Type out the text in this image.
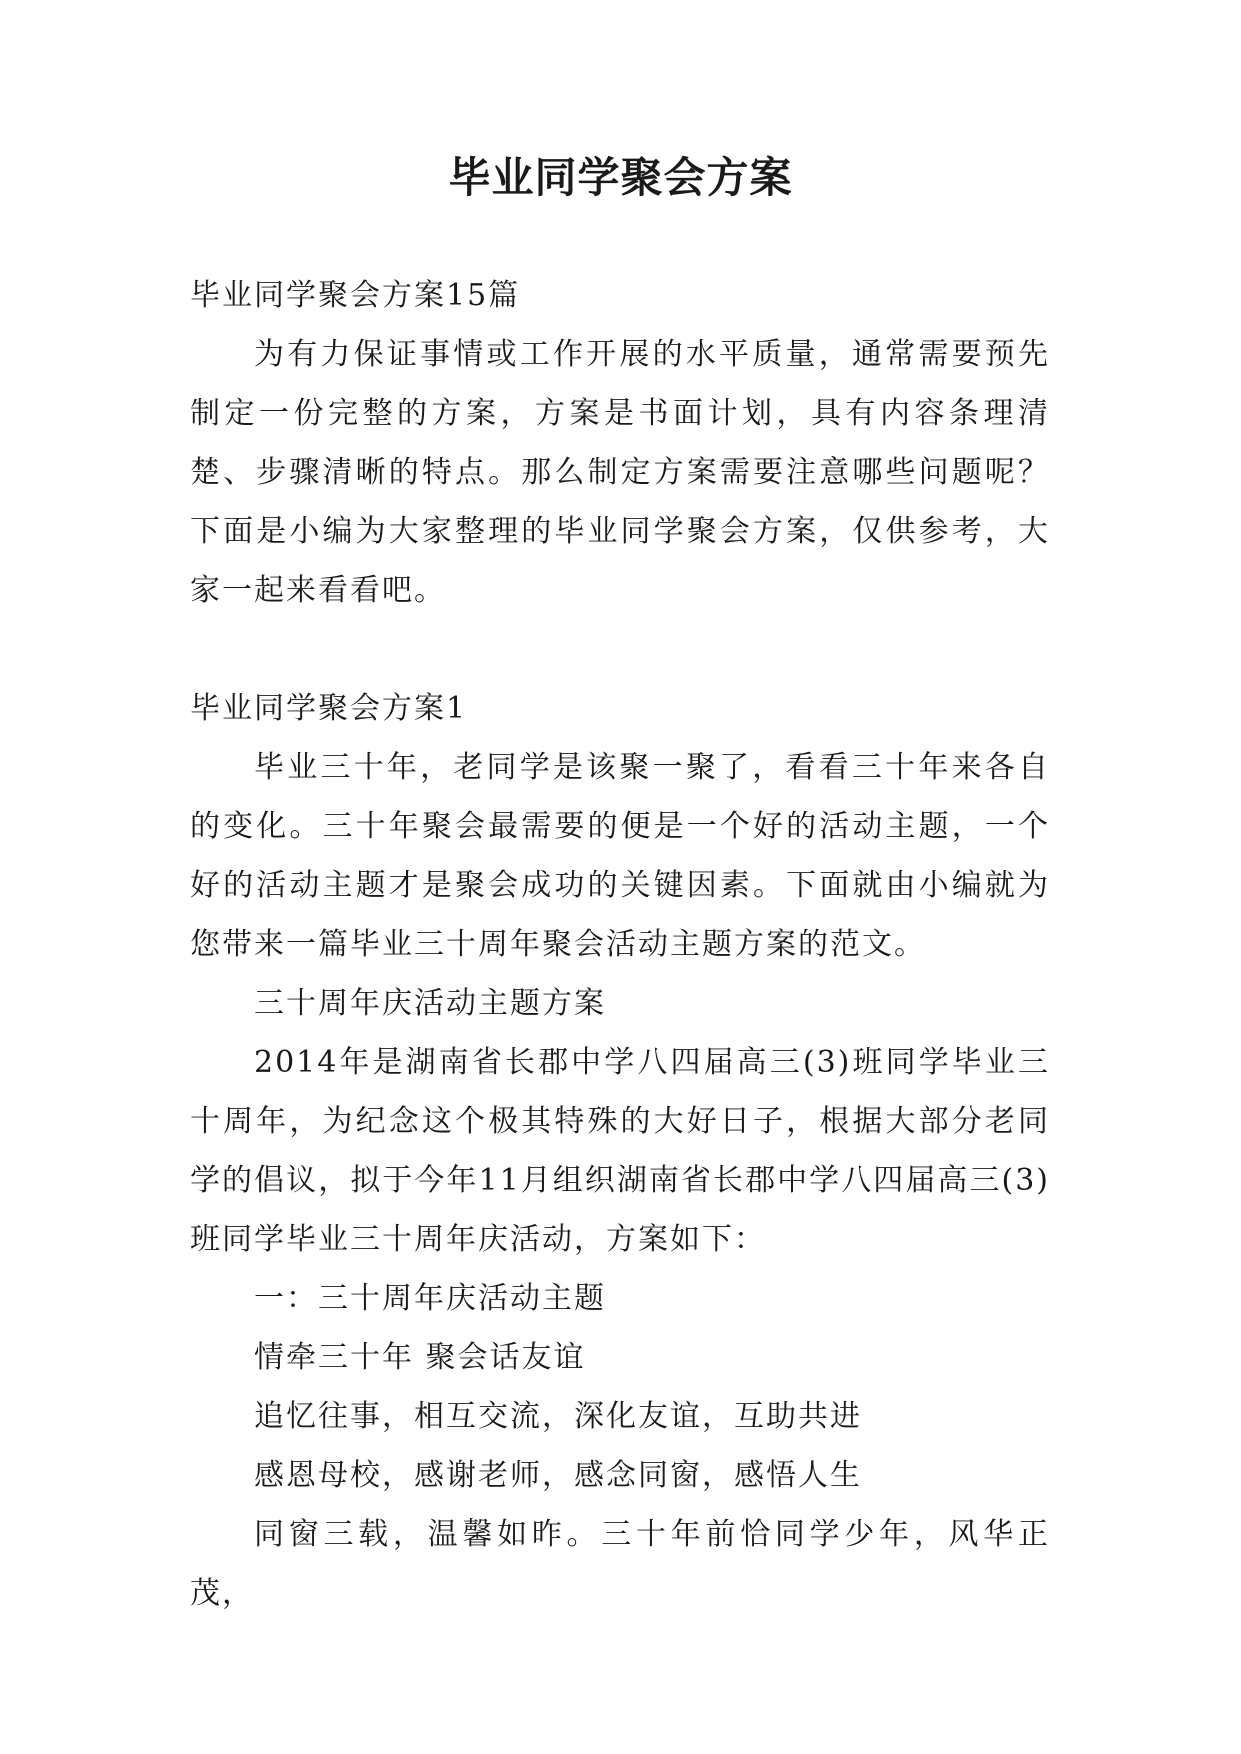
毕业同学聚会方案

毕业同学聚会方案15篇

为有力保证事情或工作开展的水平质量，通常需要预先制定一份完整的方案，方案是书面计划，具有内容条理清楚、步骤清晰的特点。那么制定方案需要注意哪些问题呢？下面是小编为大家整理的毕业同学聚会方案，仅供参考，大家一起来看看吧。

毕业同学聚会方案1

毕业三十年，老同学是该聚一聚了，看看三十年来各自的变化。三十年聚会最需要的便是一个好的活动主题，一个好的活动主题才是聚会成功的关键因素。下面就由小编就为您带来一篇毕业三十周年聚会活动主题方案的范文。

三十周年庆活动主题方案

2014年是湖南省长郡中学八四届高三(3)班同学毕业三十周年，为纪念这个极其特殊的大好日子，根据大部分老同学的倡议，拟于今年11月组织湖南省长郡中学八四届高三(3)班同学毕业三十周年庆活动，方案如下：

一：三十周年庆活动主题

情牵三十年 聚会话友谊

追忆往事，相互交流，深化友谊，互助共进

感恩母校，感谢老师，感念同窗，感悟人生

同窗三载，温馨如昨。三十年前恰同学少年，风华正茂，
